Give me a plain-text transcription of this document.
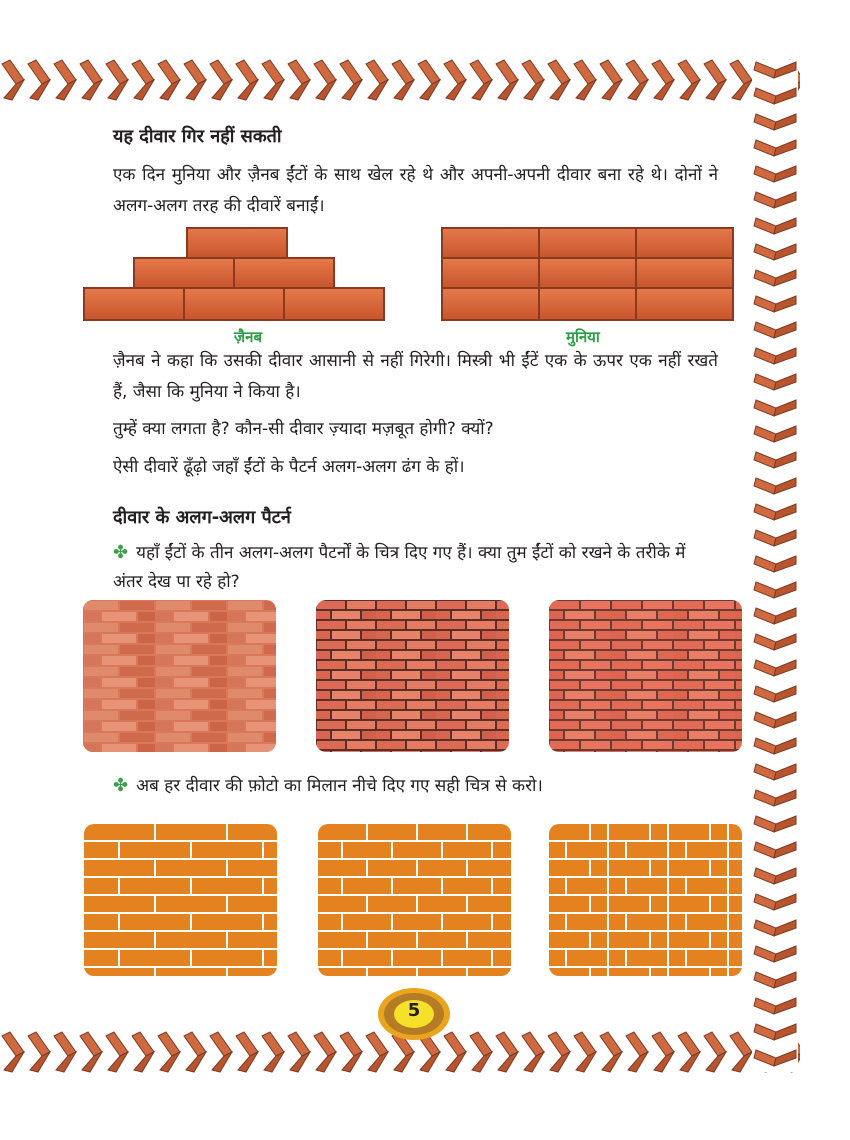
यह दीवार गिर नहीं सकती
एक दिन मुनिया और ज़ैनब ईंटों के साथ खेल रहे थे और अपनी-अपनी दीवार बना रहे थे। दोनों ने अलग-अलग तरह की दीवारें बनाईं।
ज़ैनब	मुनिया
ज़ैनब ने कहा कि उसकी दीवार आसानी से नहीं गिरेगी। मिस्त्री भी ईंटें एक के ऊपर एक नहीं रखते हैं, जैसा कि मुनिया ने किया है।
तुम्हें क्या लगता है? कौन-सी दीवार ज़्यादा मज़बूत होगी? क्यों?
ऐसी दीवारें ढूँढ़ो जहाँ ईंटों के पैटर्न अलग-अलग ढंग के हों।
दीवार के अलग-अलग पैटर्न
✤ यहाँ ईंटों के तीन अलग-अलग पैटर्नों के चित्र दिए गए हैं। क्या तुम ईंटों को रखने के तरीके में अंतर देख पा रहे हो?
✤ अब हर दीवार की फ़ोटो का मिलान नीचे दिए गए सही चित्र से करो।
5
